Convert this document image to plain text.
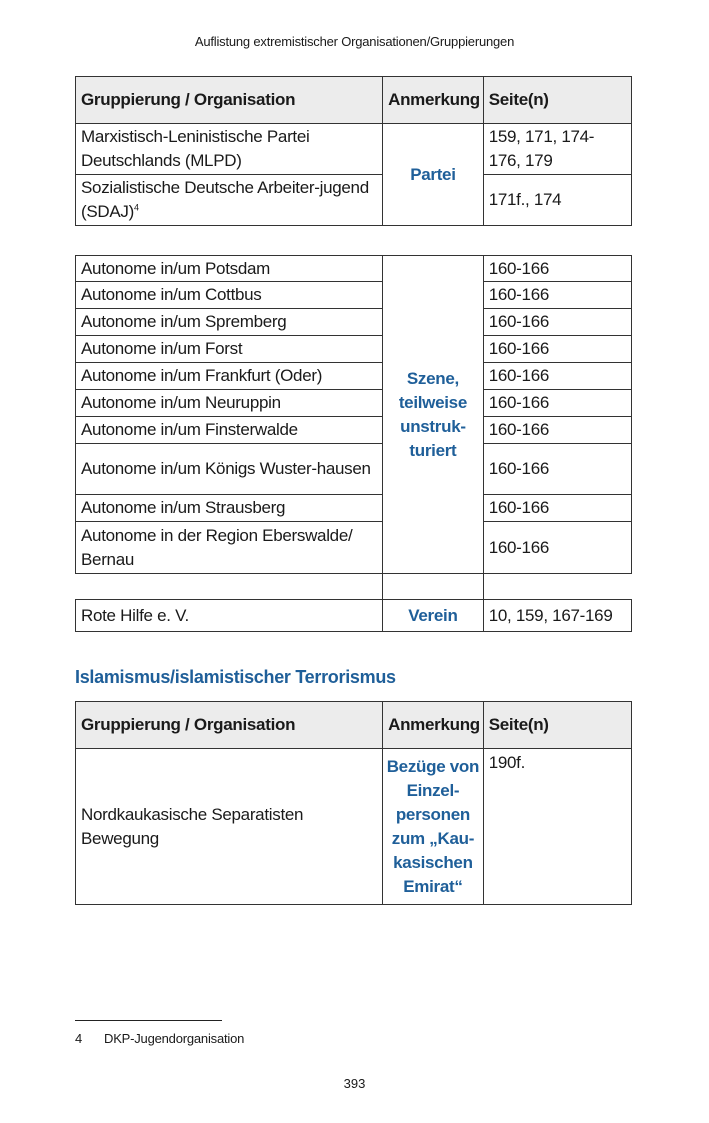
Auflistung extremistischer Organisationen/Gruppierungen
Gruppierung / Organisation	Anmerkung	Seite(n)
Marxistisch-Leninistische Partei Deutschlands (MLPD)	Partei	159, 171, 174-176, 179
Sozialistische Deutsche Arbeiter-jugend (SDAJ)$^4$		171f., 174
Autonome in/um Potsdam	Szene, teilweise unstruk-turiert	160-166
Autonome in/um Cottbus		160-166
Autonome in/um Spremberg		160-166
Autonome in/um Forst		160-166
Autonome in/um Frankfurt (Oder)		160-166
Autonome in/um Neuruppin		160-166
Autonome in/um Finsterwalde		160-166
Autonome in/um Königs Wuster-hausen		160-166
Autonome in/um Strausberg		160-166
Autonome in der Region Eberswalde/ Bernau		160-166

Rote Hilfe e. V.	Verein	10, 159, 167-169
Islamismus/islamistischer Terrorismus
Gruppierung / Organisation	Anmerkung	Seite(n)
Nordkaukasische Separatisten Bewegung	Bezüge von Einzel-personen zum „Kau-kasischen Emirat“	190f.
4 DKP-Jugendorganisation
393
